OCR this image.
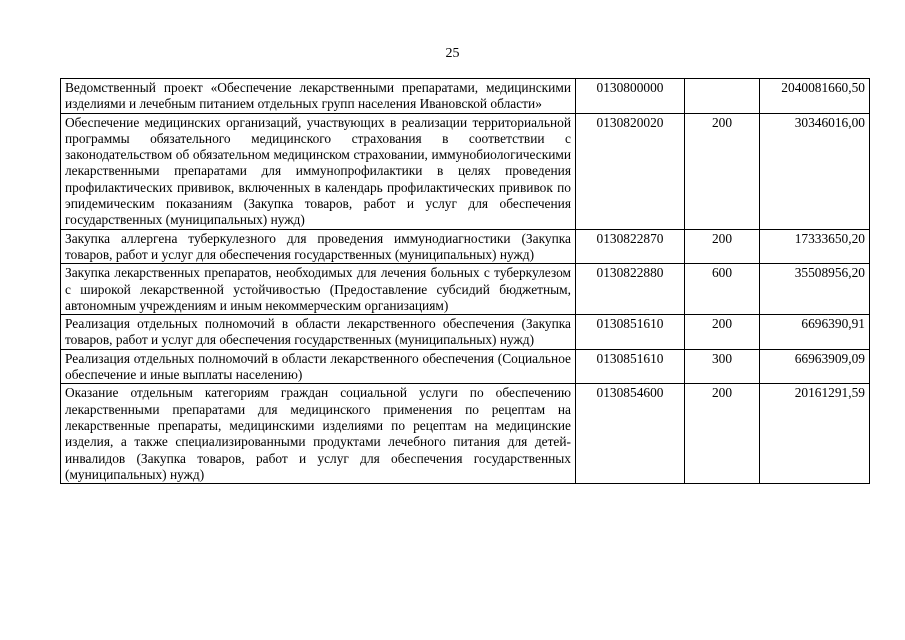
25
Ведомственный проект «Обеспечение лекарственными препаратами, медицинскими изделиями и лечебным питанием отдельных групп населения Ивановской области»	0130800000		2040081660,50
Обеспечение медицинских организаций, участвующих в реализации территориальной программы обязательного медицинского страхования в соответствии с законодательством об обязательном медицинском страховании, иммунобиологическими лекарственными препаратами для иммунопрофилактики в целях проведения профилактических прививок, включенных в календарь профилактических прививок по эпидемическим показаниям (Закупка товаров, работ и услуг для обеспечения государственных (муниципальных) нужд)	0130820020	200	30346016,00
Закупка аллергена туберкулезного для проведения иммунодиагностики (Закупка товаров, работ и услуг для обеспечения государственных (муниципальных) нужд)	0130822870	200	17333650,20
Закупка лекарственных препаратов, необходимых для лечения больных с туберкулезом с широкой лекарственной устойчивостью (Предоставление субсидий бюджетным, автономным учреждениям и иным некоммерческим организациям)	0130822880	600	35508956,20
Реализация отдельных полномочий в области лекарственного обеспечения (Закупка товаров, работ и услуг для обеспечения государственных (муниципальных) нужд)	0130851610	200	6696390,91
Реализация отдельных полномочий в области лекарственного обеспечения (Социальное обеспечение и иные выплаты населению)	0130851610	300	66963909,09
Оказание отдельным категориям граждан социальной услуги по обеспечению лекарственными препаратами для медицинского применения по рецептам на лекарственные препараты, медицинскими изделиями по рецептам на медицинские изделия, а также специализированными продуктами лечебного питания для детей-инвалидов (Закупка товаров, работ и услуг для обеспечения государственных (муниципальных) нужд)	0130854600	200	20161291,59
